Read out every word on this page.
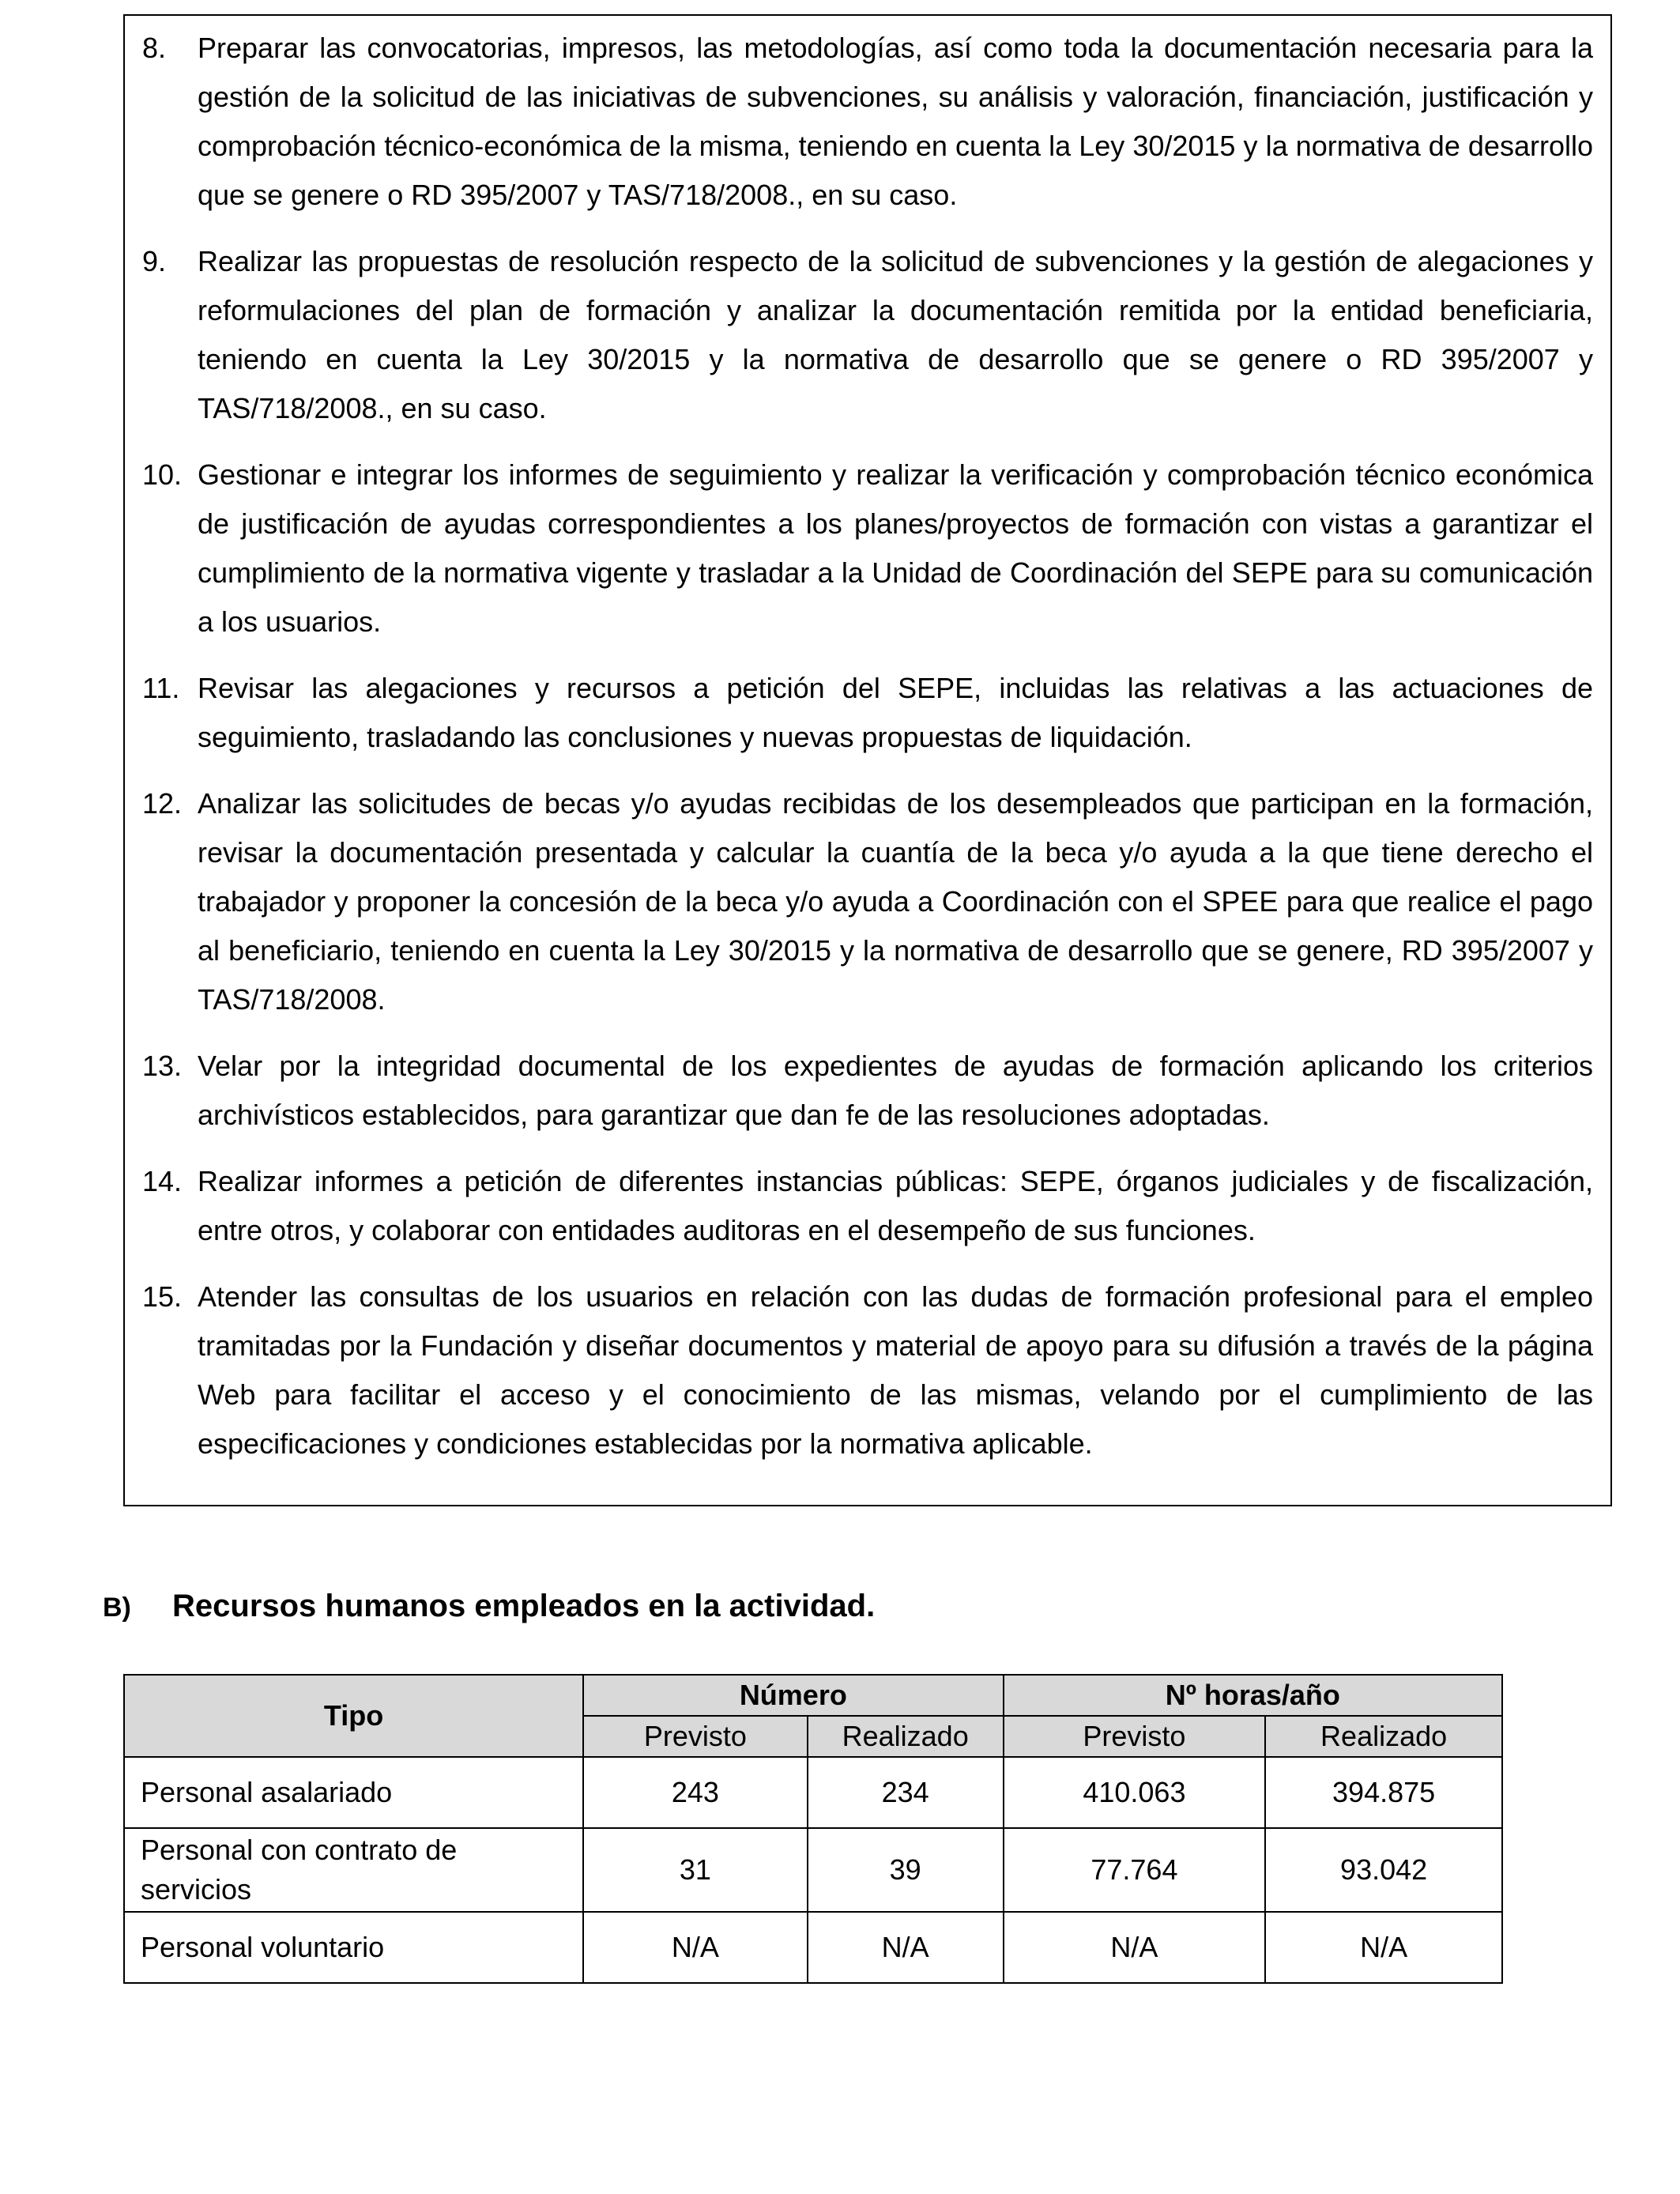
8.	Preparar las convocatorias, impresos, las metodologías, así como toda la documentación necesaria para la gestión de la solicitud de las iniciativas de subvenciones, su análisis y valoración, financiación, justificación y comprobación técnico-económica de la misma, teniendo en cuenta la Ley 30/2015 y la normativa de desarrollo que se genere o RD 395/2007 y TAS/718/2008., en su caso.
9.	Realizar las propuestas de resolución respecto de la solicitud de subvenciones y la gestión de alegaciones y reformulaciones del plan de formación y analizar la documentación remitida por la entidad beneficiaria, teniendo en cuenta la Ley 30/2015 y la normativa de desarrollo que se genere o RD 395/2007 y TAS/718/2008., en su caso.
10. Gestionar e integrar los informes de seguimiento y realizar la verificación y comprobación técnico económica de justificación de ayudas correspondientes a los planes/proyectos de formación con vistas a garantizar el cumplimiento de la normativa vigente y trasladar a la Unidad de Coordinación del SEPE para su comunicación a los usuarios.
11. Revisar las alegaciones y recursos a petición del SEPE, incluidas las relativas a las actuaciones de seguimiento, trasladando las conclusiones y nuevas propuestas de liquidación.
12. Analizar las solicitudes de becas y/o ayudas recibidas de los desempleados que participan en la formación, revisar la documentación presentada y calcular la cuantía de la beca y/o ayuda a la que tiene derecho el trabajador y proponer la concesión de la beca y/o ayuda a Coordinación con el SPEE para que realice el pago al beneficiario, teniendo en cuenta la Ley 30/2015 y la normativa de desarrollo que se genere, RD 395/2007 y TAS/718/2008.
13. Velar por la integridad documental de los expedientes de ayudas de formación aplicando los criterios archivísticos establecidos, para garantizar que dan fe de las resoluciones adoptadas.
14. Realizar informes a petición de diferentes instancias públicas: SEPE, órganos judiciales y de fiscalización, entre otros, y colaborar con entidades auditoras en el desempeño de sus funciones.
15. Atender las consultas de los usuarios en relación con las dudas de formación profesional para el empleo tramitadas por la Fundación y diseñar documentos y material de apoyo para su difusión a través de la página Web para facilitar el acceso y el conocimiento de las mismas, velando por el cumplimiento de las especificaciones y condiciones establecidas por la normativa aplicable.
B)	Recursos humanos empleados en la actividad.
Tipo	Número		Nº horas/año	
	Previsto	Realizado	Previsto	Realizado
Personal asalariado	243	234	410.063	394.875
Personal con contrato de servicios	31	39	77.764	93.042
Personal voluntario	N/A	N/A	N/A	N/A
